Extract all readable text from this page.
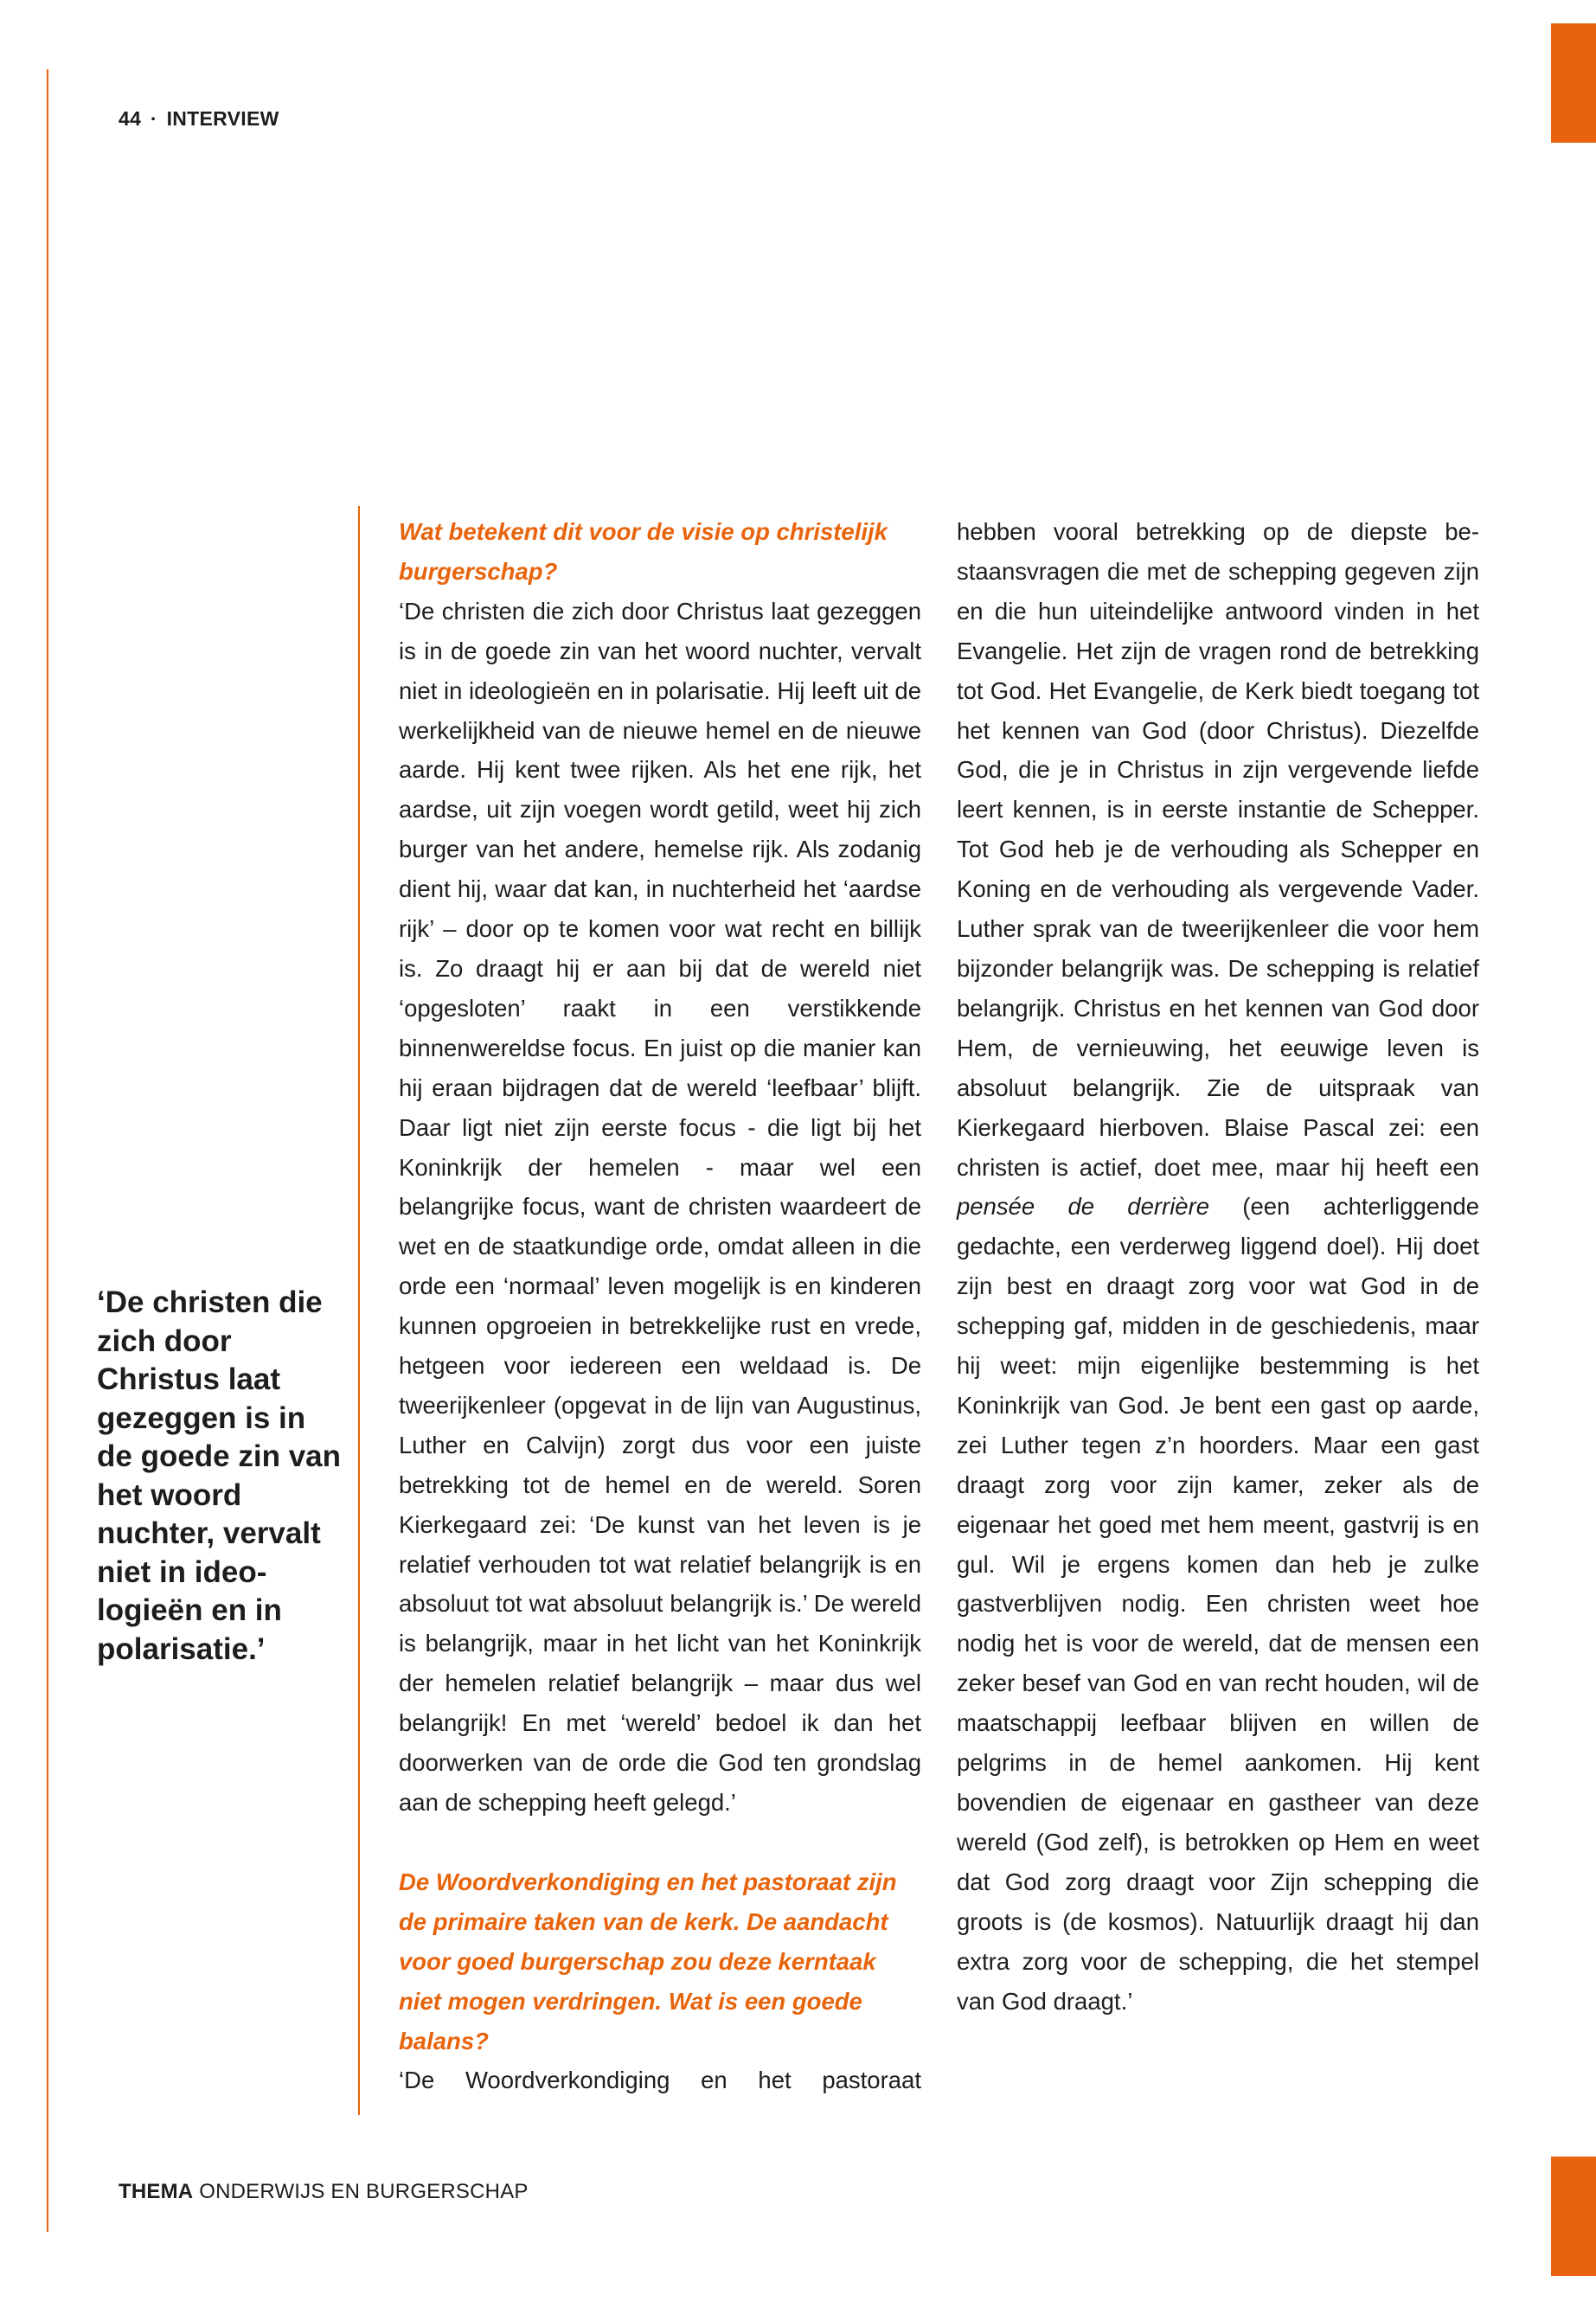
44 · INTERVIEW
‘De christen die zich door Christus laat gezeggen is in de goede zin van het woord nuchter, vervalt niet in ideo-logieën en in polarisatie.’

Wat betekent dit voor de visie op christelijk burgerschap?

‘De christen die zich door Christus laat gezeggen is in de goede zin van het woord nuchter, vervalt niet in ideologieën en in polarisatie. Hij leeft uit de werkelijkheid van de nieuwe hemel en de nieuwe aarde. Hij kent twee rijken. Als het ene rijk, het aardse, uit zijn voegen wordt getild, weet hij zich burger van het andere, hemelse rijk. Als zodanig dient hij, waar dat kan, in nuchterheid het ‘aardse rijk’ – door op te komen voor wat recht en billijk is. Zo draagt hij er aan bij dat de wereld niet ‘opgesloten’ raakt in een verstikkende binnenwereldse focus. En juist op die manier kan hij eraan bijdragen dat de wereld ‘leefbaar’ blijft. Daar ligt niet zijn eerste focus - die ligt bij het Koninkrijk der hemelen - maar wel een belangrijke focus, want de christen waardeert de wet en de staatkundige orde, omdat alleen in die orde een ‘normaal’ leven mogelijk is en kinderen kunnen opgroeien in betrekkelijke rust en vrede, hetgeen voor iedereen een weldaad is. De tweerijkenleer (opgevat in de lijn van Augustinus, Luther en Calvijn) zorgt dus voor een juiste betrekking tot de hemel en de wereld. Soren Kierkegaard zei: ‘De kunst van het leven is je relatief verhouden tot wat relatief belangrijk is en absoluut tot wat absoluut belangrijk is.’ De wereld is belangrijk, maar in het licht van het Koninkrijk der hemelen relatief belangrijk – maar dus wel belangrijk! En met ‘wereld’ bedoel ik dan het doorwerken van de orde die God ten grondslag aan de schepping heeft gelegd.’

De Woordverkondiging en het pastoraat zijn de primaire taken van de kerk. De aandacht voor goed burgerschap zou deze kerntaak niet mogen verdringen. Wat is een goede balans?

‘De Woordverkondiging en het pastoraat

hebben vooral betrekking op de diepste bestaansvragen die met de schepping gegeven zijn en die hun uiteindelijke antwoord vinden in het Evangelie. Het zijn de vragen rond de betrekking tot God. Het Evangelie, de Kerk biedt toegang tot het kennen van God (door Christus). Diezelfde God, die je in Christus in zijn vergevende liefde leert kennen, is in eerste instantie de Schepper. Tot God heb je de verhouding als Schepper en Koning en de verhouding als vergevende Vader. Luther sprak van de tweerijkenleer die voor hem bijzonder belangrijk was. De schepping is relatief belangrijk. Christus en het kennen van God door Hem, de vernieuwing, het eeuwige leven is absoluut belangrijk. Zie de uitspraak van Kierkegaard hierboven. Blaise Pascal zei: een christen is actief, doet mee, maar hij heeft een pensée de derrière (een achterliggende gedachte, een verderweg liggend doel). Hij doet zijn best en draagt zorg voor wat God in de schepping gaf, midden in de geschiedenis, maar hij weet: mijn eigenlijke bestemming is het Koninkrijk van God. Je bent een gast op aarde, zei Luther tegen z’n hoorders. Maar een gast draagt zorg voor zijn kamer, zeker als de eigenaar het goed met hem meent, gastvrij is en gul. Wil je ergens komen dan heb je zulke gastverblijven nodig. Een christen weet hoe nodig het is voor de wereld, dat de mensen een zeker besef van God en van recht houden, wil de maatschappij leefbaar blijven en willen de pelgrims in de hemel aankomen. Hij kent bovendien de eigenaar en gastheer van deze wereld (God zelf), is betrokken op Hem en weet dat God zorg draagt voor Zijn schepping die groots is (de kosmos). Natuurlijk draagt hij dan extra zorg voor de schepping, die het stempel van God draagt.’

THEMA ONDERWIJS EN BURGERSCHAP
